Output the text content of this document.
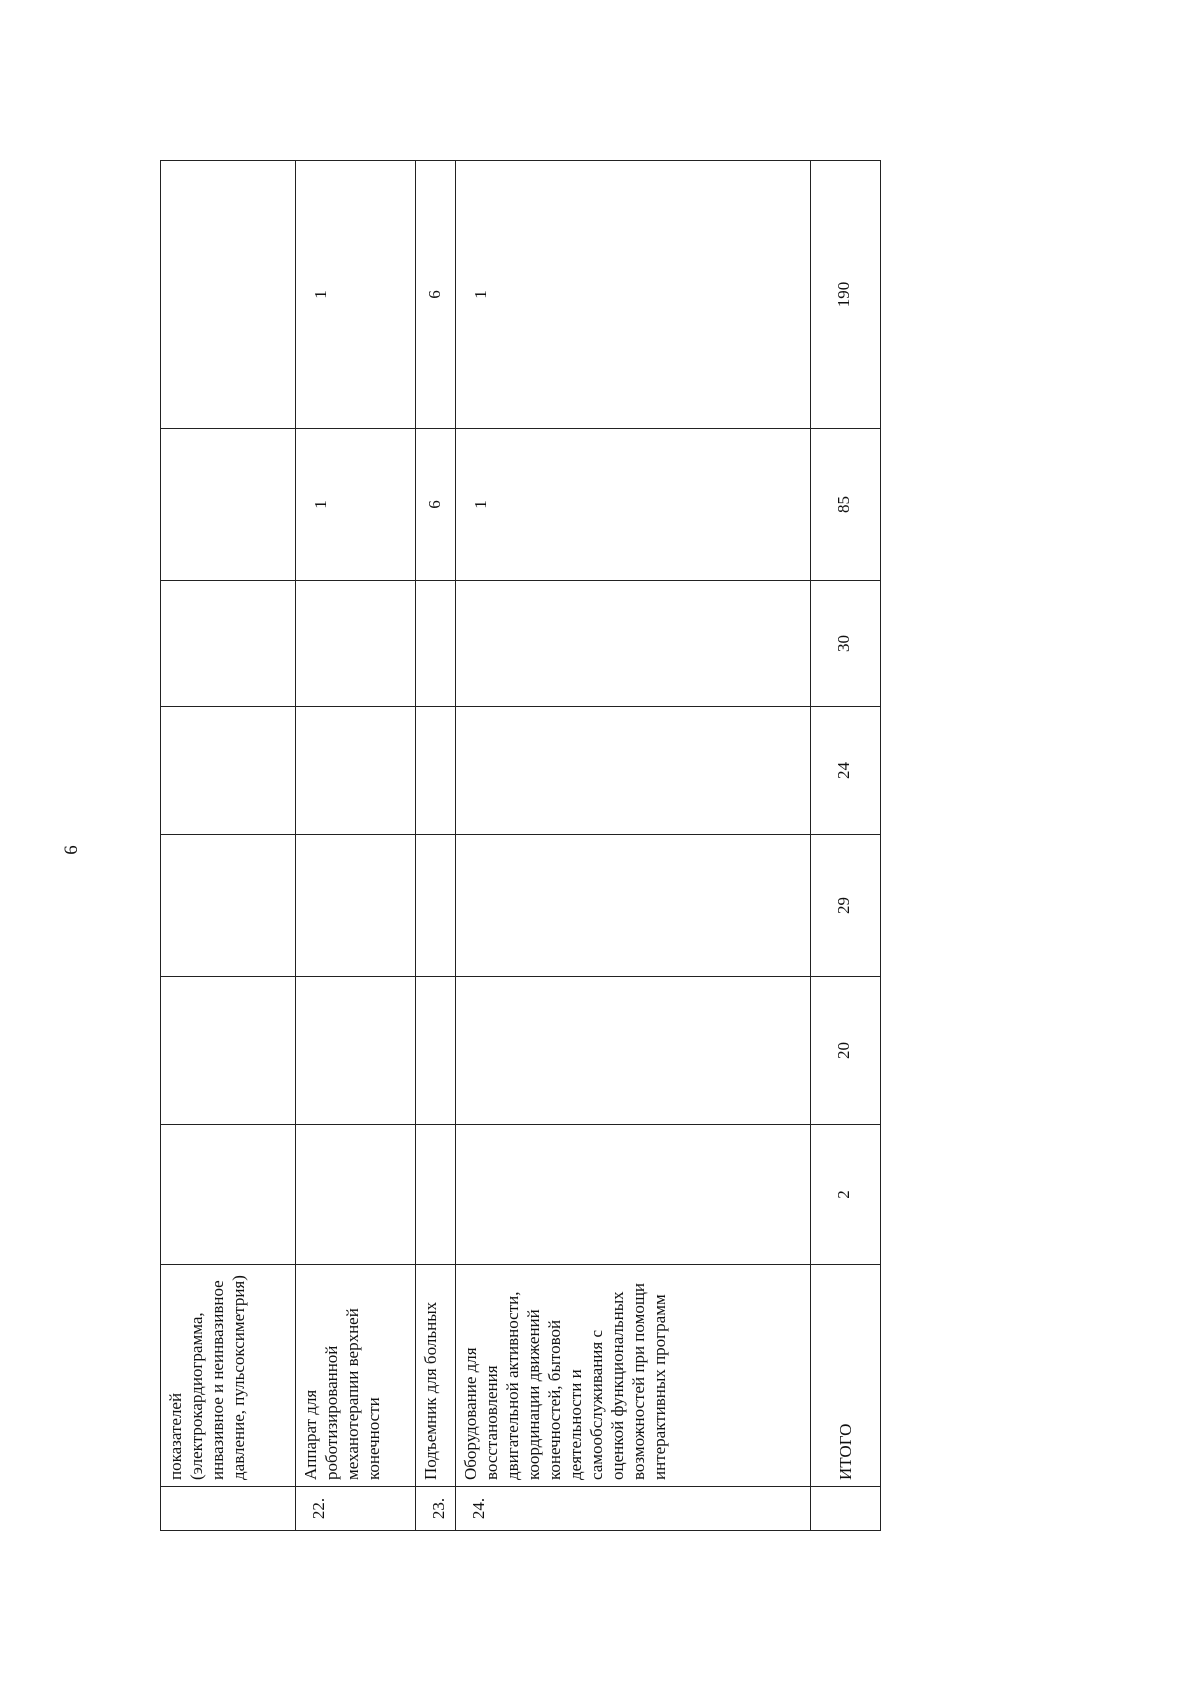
6
	показателей (электрокардиограмма, инвазивное и неинвазивное давление, пульсоксиметрия)							
22.	Аппарат для роботизированной механотерапии верхней конечности						1	1
23.	Подъемник для больных						6	6
24.	Оборудование для восстановления двигательной активности, координации движений конечностей, бытовой деятельности и самообслуживания с оценкой функциональных возможностей при помощи интерактивных программ						1	1
	ИТОГО	2	20	29	24	30	85	190
